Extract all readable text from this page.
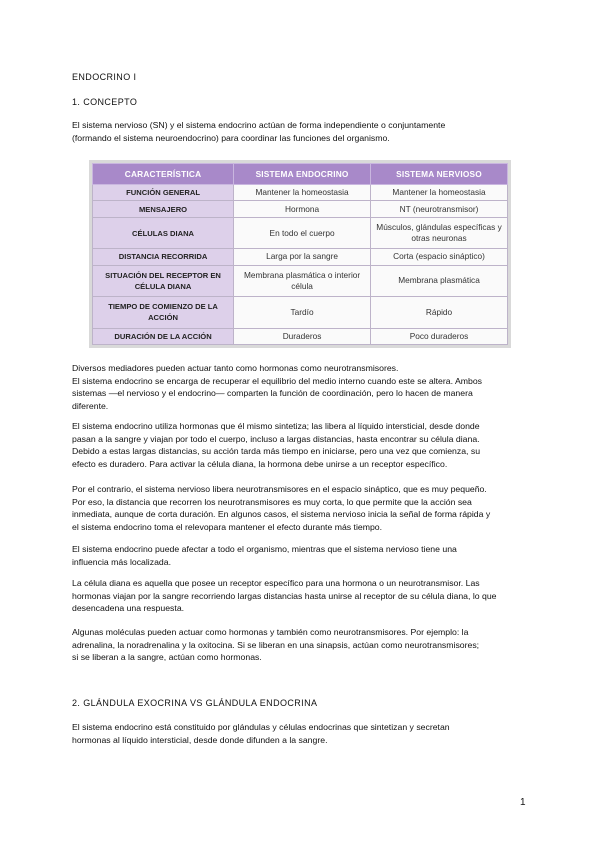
ENDOCRINO I
1. CONCEPTO

El sistema nervioso (SN) y el sistema endocrino actúan de forma independiente o conjuntamente
(formando el sistema neuroendocrino) para coordinar las funciones del organismo.

CARACTERÍSTICA	SISTEMA ENDOCRINO	SISTEMA NERVIOSO
FUNCIÓN GENERAL	Mantener la homeostasia	Mantener la homeostasia
MENSAJERO	Hormona	NT (neurotransmisor)
CÉLULAS DIANA	En todo el cuerpo	Músculos, glándulas específicas y otras neuronas
DISTANCIA RECORRIDA	Larga por la sangre	Corta (espacio sináptico)
SITUACIÓN DEL RECEPTOR EN CÉLULA DIANA	Membrana plasmática o interior célula	Membrana plasmática
TIEMPO DE COMIENZO DE LA ACCIÓN	Tardío	Rápido
DURACIÓN DE LA ACCIÓN	Duraderos	Poco duraderos

Diversos mediadores pueden actuar tanto como hormonas como neurotransmisores.
El sistema endocrino se encarga de recuperar el equilibrio del medio interno cuando este se altera. Ambos
sistemas —el nervioso y el endocrino— comparten la función de coordinación, pero lo hacen de manera
diferente.

El sistema endocrino utiliza hormonas que él mismo sintetiza; las libera al líquido intersticial, desde donde
pasan a la sangre y viajan por todo el cuerpo, incluso a largas distancias, hasta encontrar su célula diana.
Debido a estas largas distancias, su acción tarda más tiempo en iniciarse, pero una vez que comienza, su
efecto es duradero. Para activar la célula diana, la hormona debe unirse a un receptor específico.

Por el contrario, el sistema nervioso libera neurotransmisores en el espacio sináptico, que es muy pequeño.
Por eso, la distancia que recorren los neurotransmisores es muy corta, lo que permite que la acción sea
inmediata, aunque de corta duración. En algunos casos, el sistema nervioso inicia la señal de forma rápida y
el sistema endocrino toma el relevopara mantener el efecto durante más tiempo.

El sistema endocrino puede afectar a todo el organismo, mientras que el sistema nervioso tiene una
influencia más localizada.

La célula diana es aquella que posee un receptor específico para una hormona o un neurotransmisor. Las
hormonas viajan por la sangre recorriendo largas distancias hasta unirse al receptor de su célula diana, lo que
desencadena una respuesta.

Algunas moléculas pueden actuar como hormonas y también como neurotransmisores. Por ejemplo: la
adrenalina, la noradrenalina y la oxitocina. Si se liberan en una sinapsis, actúan como neurotransmisores;
si se liberan a la sangre, actúan como hormonas.

2. GLÁNDULA EXOCRINA VS GLÁNDULA ENDOCRINA

El sistema endocrino está constituido por glándulas y células endocrinas que sintetizan y secretan
hormonas al líquido intersticial, desde donde difunden a la sangre.

1
